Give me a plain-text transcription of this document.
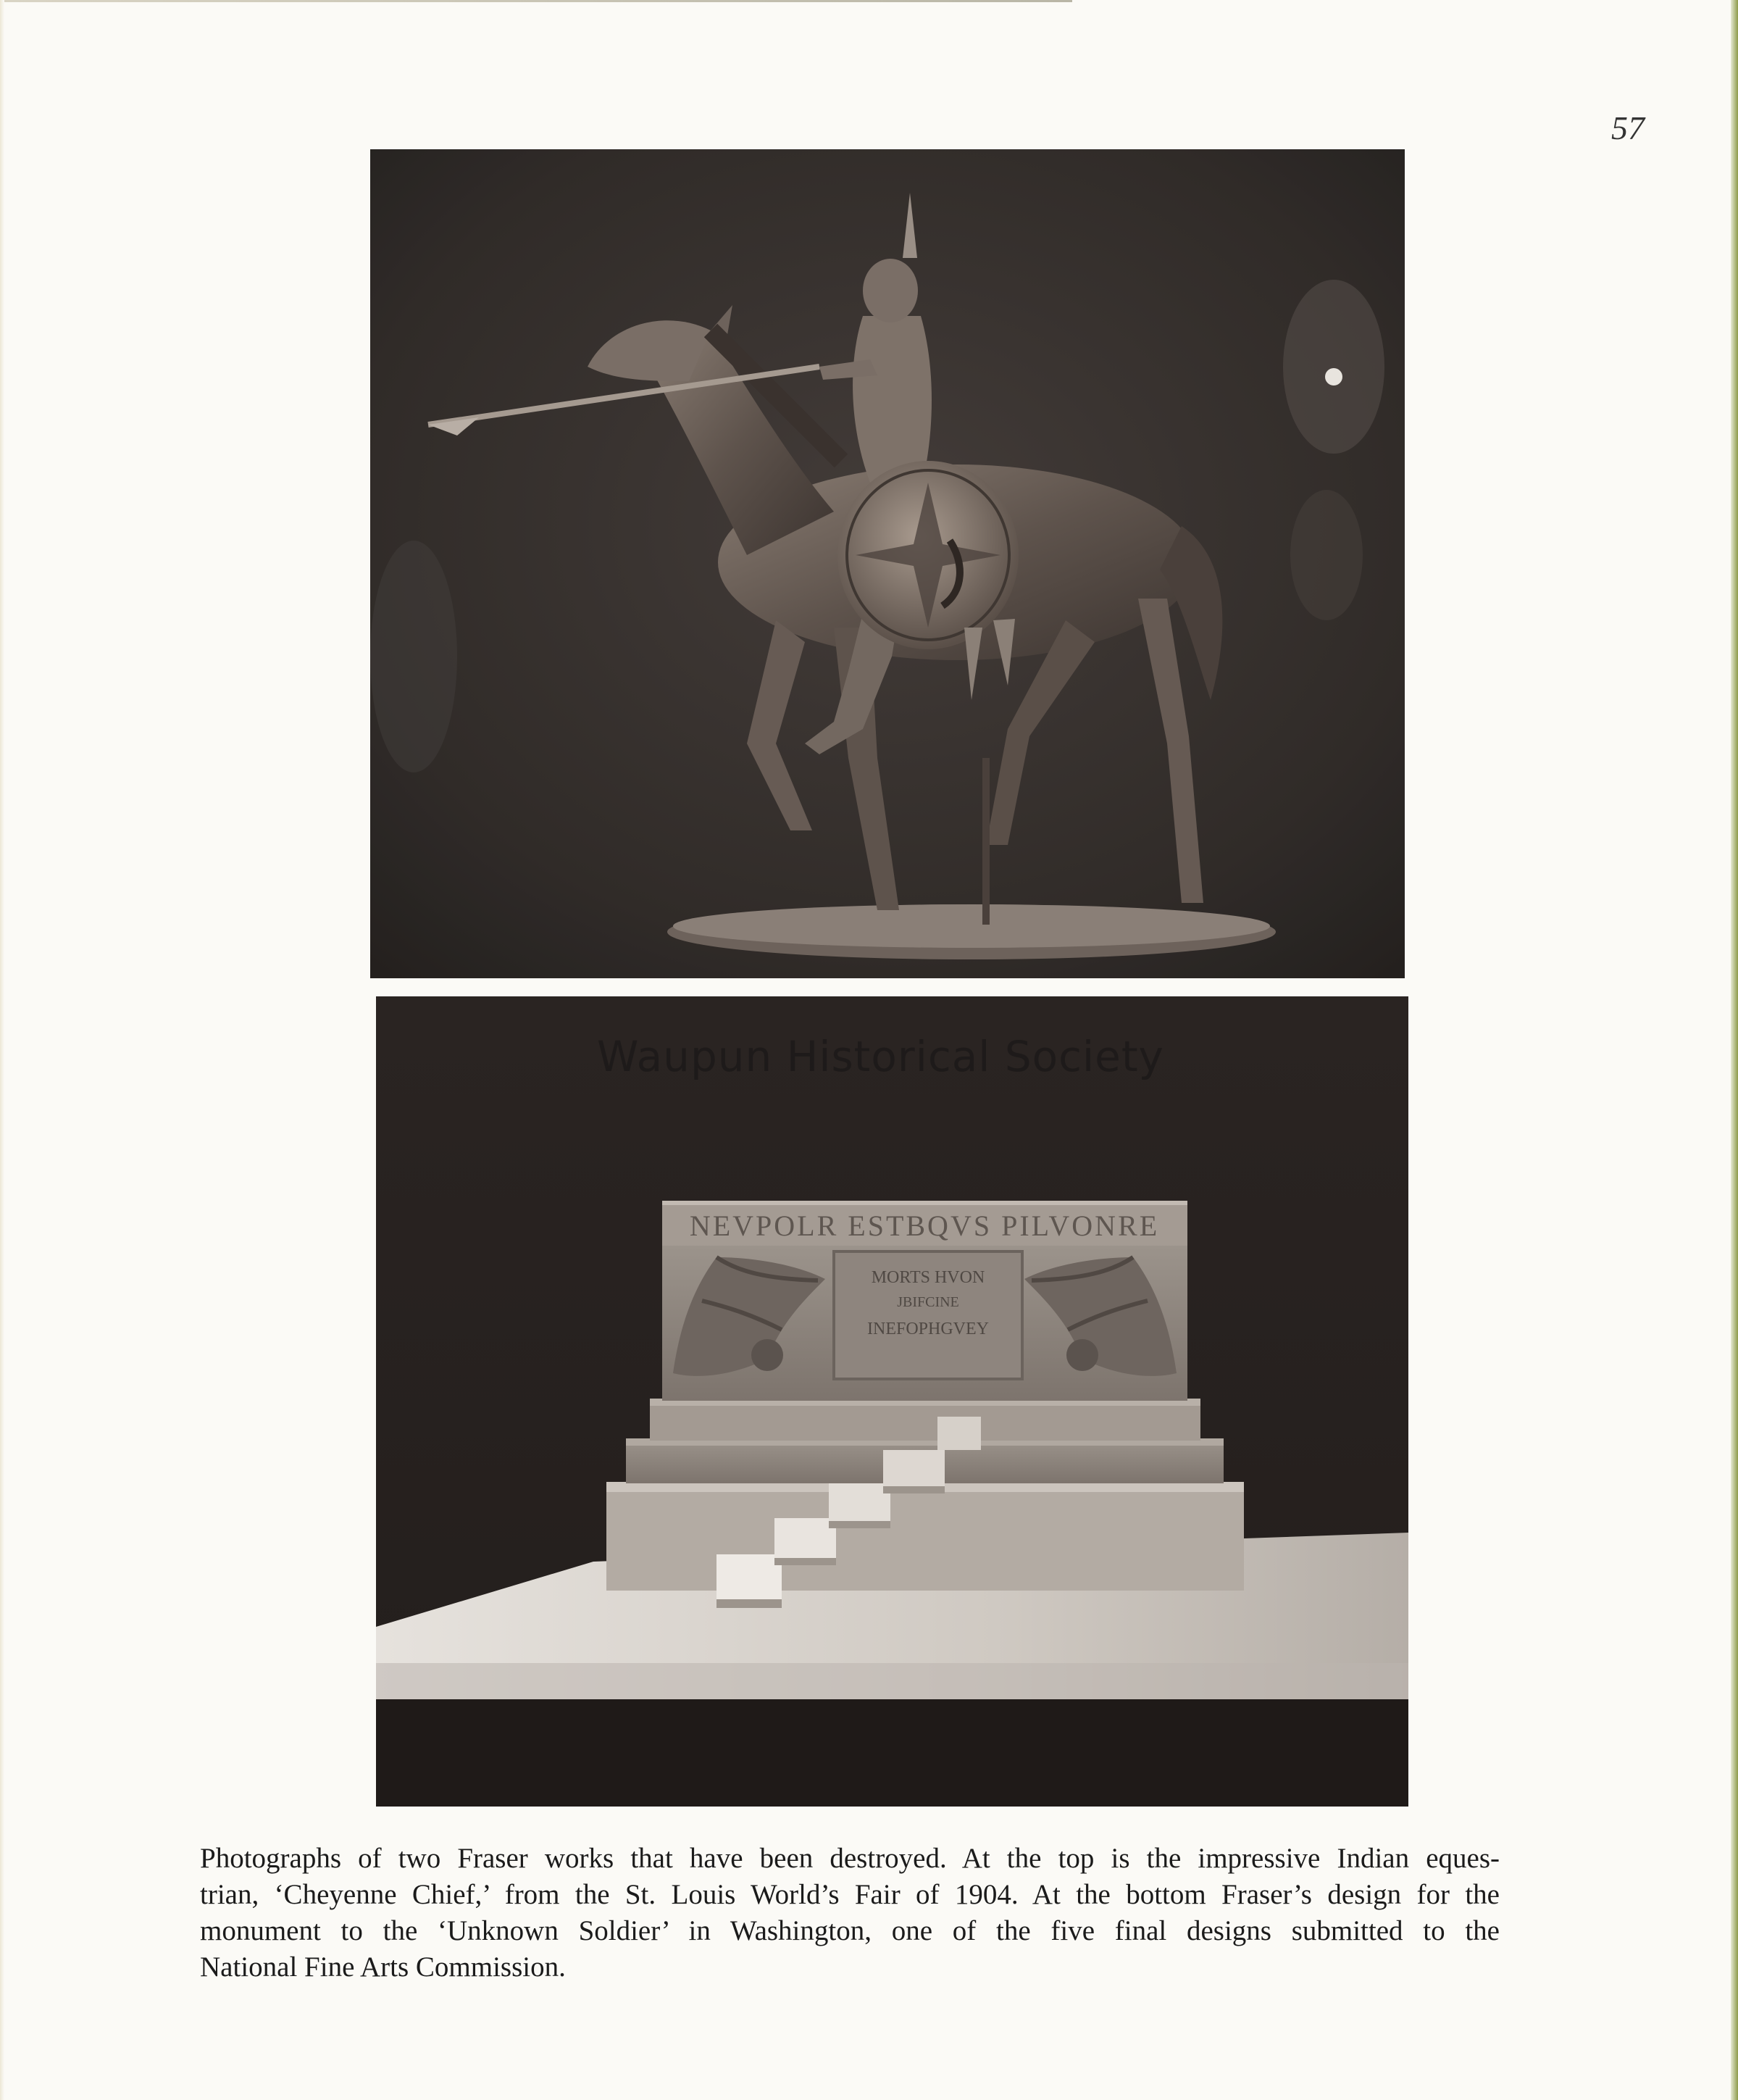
57
NEVPOLR ESTBQVS PILVONRE
MORTS HVON
JBIFCINE
INEFOPHGVEY
Waupun Historical Society
Photographs of two Fraser works that have been destroyed. At the top is the impressive Indian eques-
trian, ‘Cheyenne Chief,’ from the St. Louis World’s Fair of 1904. At the bottom Fraser’s design for the
monument to the ‘Unknown Soldier’ in Washington, one of the five final designs submitted to the
National Fine Arts Commission.
